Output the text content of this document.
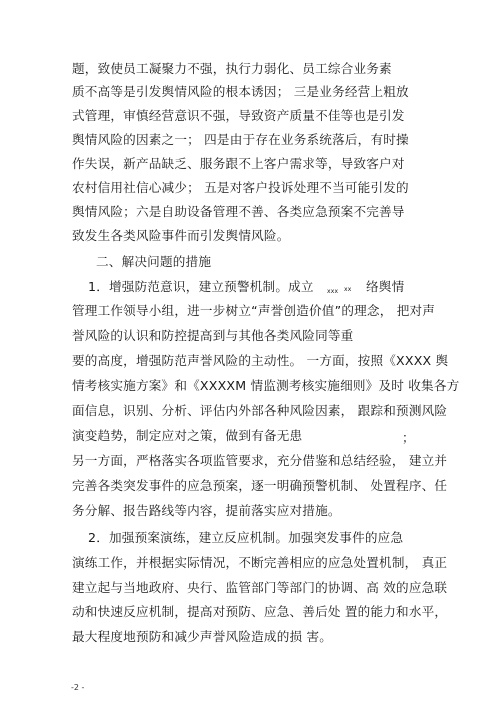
题，致使员工凝聚力不强，执行力弱化、员工综合业务素
质不高等是引发舆情风险的根本诱因； 三是业务经营上粗放
式管理，审慎经营意识不强，导致资产质量不佳等也是引发
舆情风险的因素之一； 四是由于存在业务系统落后，有时操
作失误，新产品缺乏、服务跟不上客户需求等，导致客户对
农村信用社信心减少； 五是对客户投诉处理不当可能引发的
舆情风险；六是自助设备管理不善、各类应急预案不完善导
致发生各类风险事件而引发舆情风险。
二、解决问题的措施
1．增强防范意识，建立预警机制。成立 xxx xx 络舆情
管理工作领导小组，进一步树立“声誉创造价值”的理念， 把对声
誉风险的认识和防控提高到与其他各类风险同等重
要的高度，增强防范声誉风险的主动性。 一方面，按照《XXXX 舆
情考核实施方案》和《XXXXM 情监测考核实施细则》及时 收集各方
面信息，识别、分析、评估内外部各种风险因素， 跟踪和预测风险
演变趋势，制定应对之策，做到有备无患	；
另一方面，严格落实各项监管要求，充分借鉴和总结经验， 建立并
完善各类突发事件的应急预案，逐一明确预警机制、 处置程序、任
务分解、报告路线等内容，提前落实应对措施。
2．加强预案演练，建立反应机制。加强突发事件的应急
演练工作，并根据实际情况，不断完善相应的应急处置机制， 真正
建立起与当地政府、央行、监管部门等部门的协调、高 效的应急联
动和快速反应机制，提高对预防、应急、善后处 置的能力和水平，
最大程度地预防和减少声誉风险造成的损 害。
-2 -
